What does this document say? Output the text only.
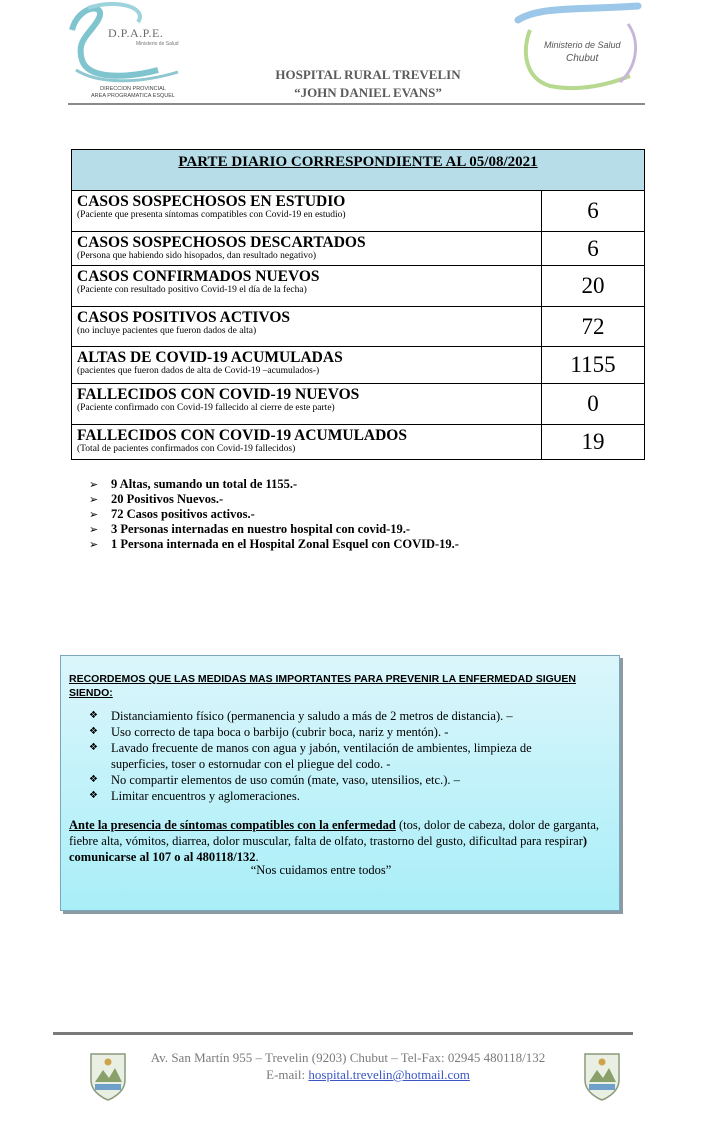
D.P.A.P.E.
Ministerio de Salud
DIRECCION PROVINCIAL
AREA PROGRAMATICA ESQUEL
Ministerio de Salud
Chubut
HOSPITAL RURAL TREVELIN
“JOHN DANIEL EVANS”
PARTE DIARIO CORRESPONDIENTE AL 05/08/2021	

CASOS SOSPECHOSOS EN ESTUDIO
(Paciente que presenta síntomas compatibles con Covid-19 en estudio)	6

CASOS SOSPECHOSOS DESCARTADOS
(Persona que habiendo sido hisopados, dan resultado negativo)	6

CASOS CONFIRMADOS NUEVOS
(Paciente con resultado positivo Covid-19 el día de la fecha)	20

CASOS POSITIVOS ACTIVOS
(no incluye pacientes que fueron dados de alta)	72

ALTAS DE COVID-19 ACUMULADAS
(pacientes que fueron dados de alta de Covid-19 –acumulados-)	1155

FALLECIDOS CON COVID-19 NUEVOS
(Paciente confirmado con Covid-19 fallecido al cierre de este parte)	0

FALLECIDOS CON COVID-19 ACUMULADOS
(Total de pacientes confirmados con Covid-19 fallecidos)	19
➢ 9 Altas, sumando un total de 1155.-
➢ 20 Positivos Nuevos.-
➢ 72 Casos positivos activos.-
➢ 3 Personas internadas en nuestro hospital con covid-19.-
➢ 1 Persona internada en el Hospital Zonal Esquel con COVID-19.-
RECORDEMOS QUE LAS MEDIDAS MAS IMPORTANTES PARA PREVENIR LA ENFERMEDAD SIGUEN SIENDO:
❖ Distanciamiento físico (permanencia y saludo a más de 2 metros de distancia). –
❖ Uso correcto de tapa boca o barbijo (cubrir boca, nariz y mentón). -
❖ Lavado frecuente de manos con agua y jabón, ventilación de ambientes, limpieza de superficies, toser o estornudar con el pliegue del codo. -
❖ No compartir elementos de uso común (mate, vaso, utensilios, etc.). –
❖ Limitar encuentros y aglomeraciones.
Ante la presencia de síntomas compatibles con la enfermedad (tos, dolor de cabeza, dolor de garganta, fiebre alta, vómitos, diarrea, dolor muscular, falta de olfato, trastorno del gusto, dificultad para respirar) comunicarse al 107 o al 480118/132.
“Nos cuidamos entre todos”
Av. San Martín 955 – Trevelin (9203) Chubut – Tel-Fax: 02945 480118/132
E-mail: hospital.trevelin@hotmail.com
